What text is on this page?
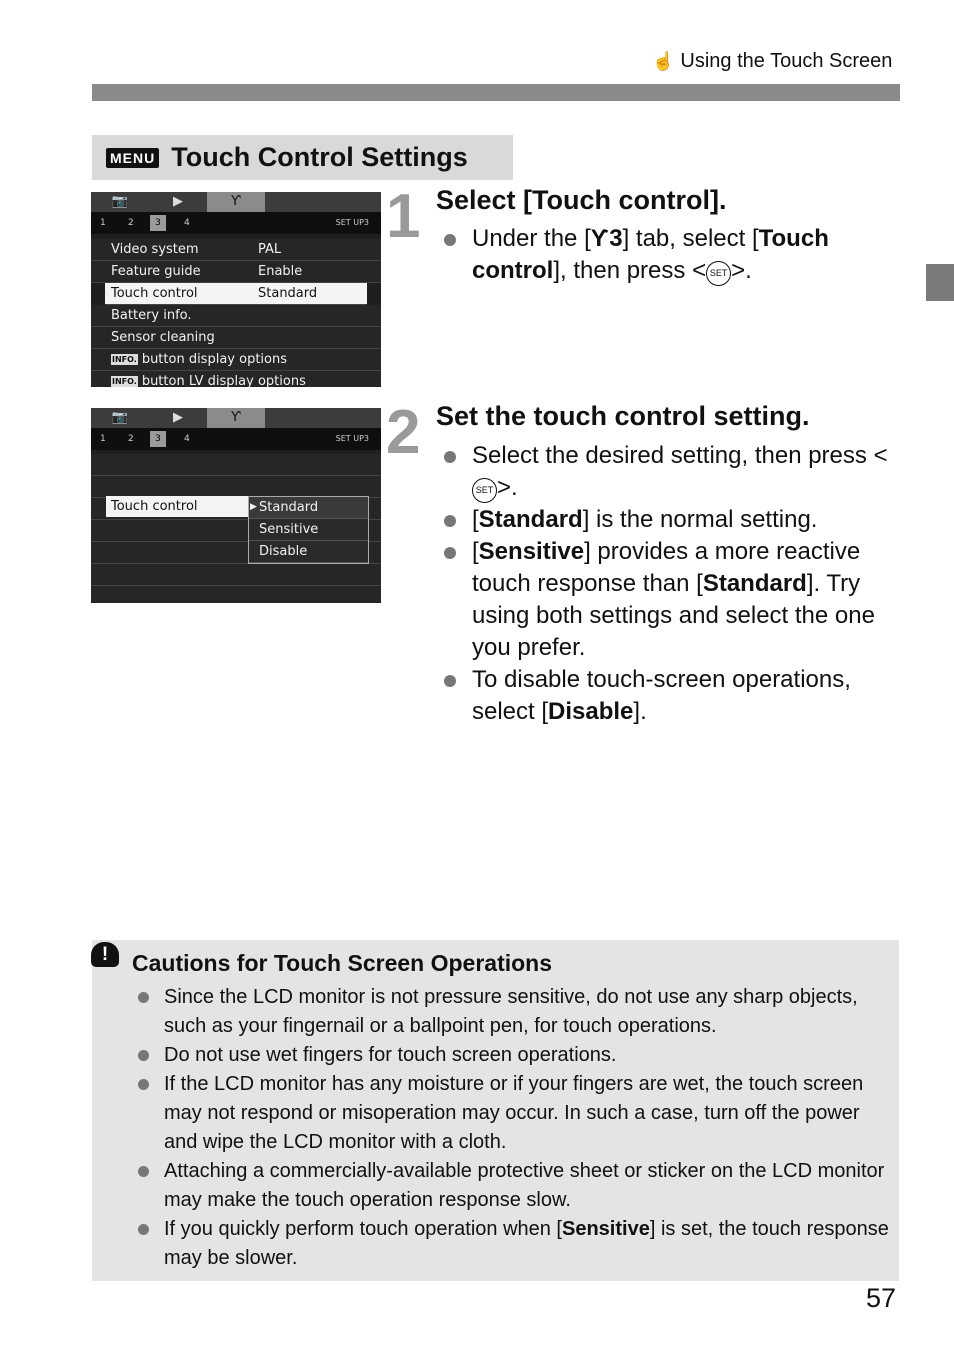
☝ Using the Touch Screen
MENU Touch Control Settings
📷	▶	Ƴ
1 2	3	4	SET UP3
Video system	PAL
Feature guide	Enable
Touch control	Standard
Battery info.
Sensor cleaning
INFO. button display options
INFO. button LV display options
📷	▶	Ƴ
1 2	3	4	SET UP3
Touch control	▶ Standard
Sensitive
Disable
1 Select [Touch control].
Under the [Ƴ3] tab, select [Touch control], then press < SET >.
2 Set the touch control setting.
Select the desired setting, then press <SET >.
[Standard] is the normal setting.
[Sensitive] provides a more reactive touch response than [Standard]. Try using both settings and select the one you prefer.
To disable touch-screen operations, select [Disable].
!	Cautions for Touch Screen Operations
Since the LCD monitor is not pressure sensitive, do not use any sharp objects, such as your fingernail or a ballpoint pen, for touch operations.
Do not use wet fingers for touch screen operations.
If the LCD monitor has any moisture or if your fingers are wet, the touch screen may not respond or misoperation may occur. In such a case, turn off the power and wipe the LCD monitor with a cloth.
Attaching a commercially-available protective sheet or sticker on the LCD monitor may make the touch operation response slow.
If you quickly perform touch operation when [Sensitive] is set, the touch response may be slower.
57
